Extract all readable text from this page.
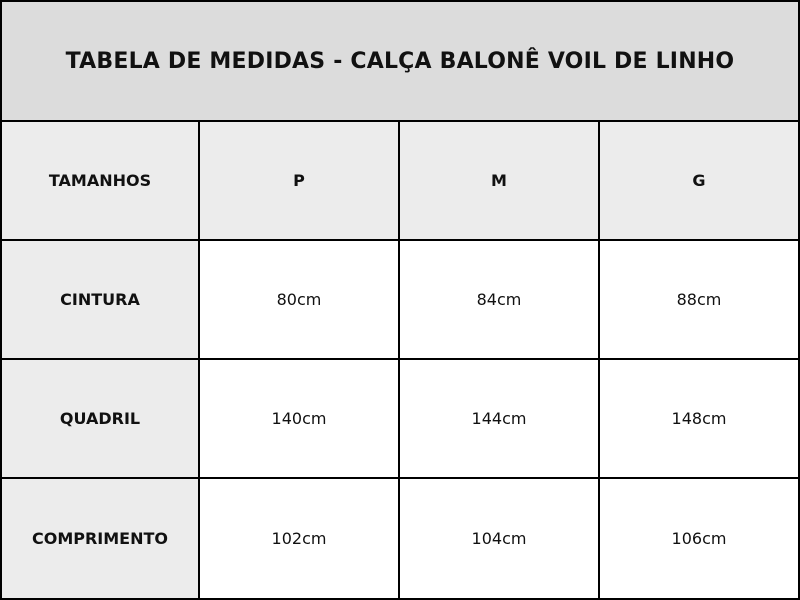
TABELA DE MEDIDAS - CALÇA BALONÊ VOIL DE LINHO
TAMANHOS	P	M	G
CINTURA	80cm	84cm	88cm
QUADRIL	140cm	144cm	148cm
COMPRIMENTO	102cm	104cm	106cm
